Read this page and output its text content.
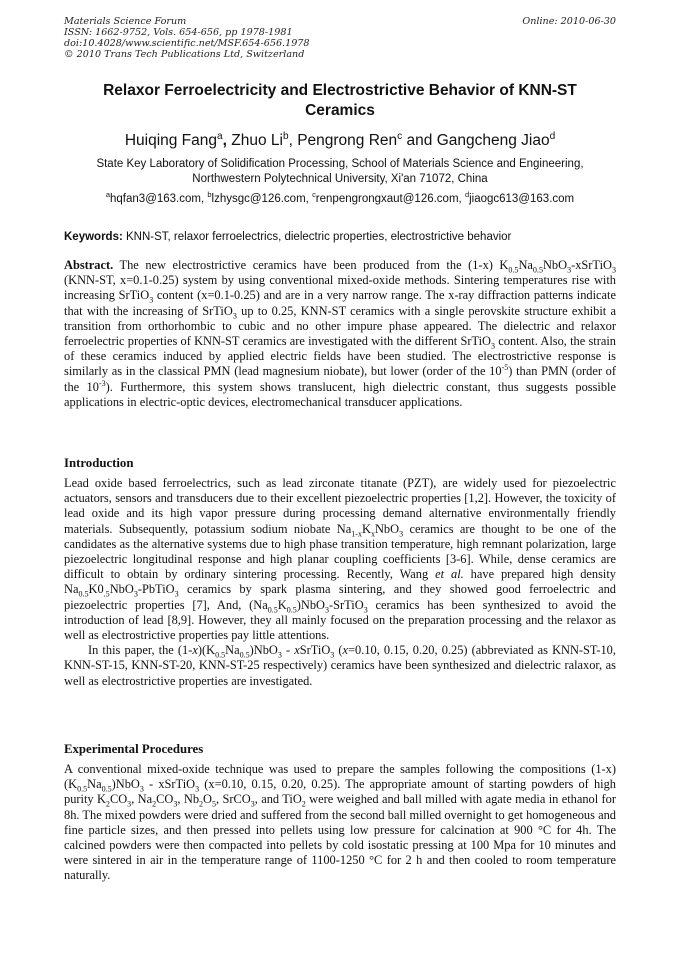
Materials Science Forum
ISSN: 1662-9752, Vols. 654-656, pp 1978-1981
doi:10.4028/www.scientific.net/MSF.654-656.1978
© 2010 Trans Tech Publications Ltd, Switzerland
Online: 2010-06-30
Relaxor Ferroelectricity and Electrostrictive Behavior of KNN-ST
Ceramics
Huiqing Fang$^a$, Zhuo Li$^b$, Pengrong Ren$^c$ and Gangcheng Jiao$^d$
State Key Laboratory of Solidification Processing, School of Materials Science and Engineering,
Northwestern Polytechnical University, Xi'an 71072, China
$^a$hqfan3@163.com, $^b$lzhysgc@126.com, $^c$renpengrongxaut@126.com, $^d$jiaogc613@163.com
Keywords: KNN-ST, relaxor ferroelectrics, dielectric properties, electrostrictive behavior

Abstract. The new electrostrictive ceramics have been produced from the (1-x) $K_{0.5}Na_{0.5}NbO_3-xSrTiO_3$ (KNN-ST, x=0.1-0.25) system by using conventional mixed-oxide methods. Sintering temperatures rise with increasing SrTiO$_3$ content (x=0.1-0.25) and are in a very narrow range. The x-ray diffraction patterns indicate that with the increasing of SrTiO$_3$ up to 0.25, KNN-ST ceramics with a single perovskite structure exhibit a transition from orthorhombic to cubic and no other impure phase appeared. The dielectric and relaxor ferroelectric properties of KNN-ST ceramics are investigated with the different SrTiO$_3$ content. Also, the strain of these ceramics induced by applied electric fields have been studied. The electrostrictive response is similarly as in the classical PMN (lead magnesium niobate), but lower (order of the $10^{-5}$) than PMN (order of the $10^{-3}$). Furthermore, this system shows translucent, high dielectric constant, thus suggests possible applications in electric-optic devices, electromechanical transducer applications.

Introduction

Lead oxide based ferroelectrics, such as lead zirconate titanate (PZT), are widely used for piezoelectric actuators, sensors and transducers due to their excellent piezoelectric properties [1,2]. However, the toxicity of lead oxide and its high vapor pressure during processing demand alternative environmentally friendly materials. Subsequently, potassium sodium niobate $Na_{1-x}K_xNbO_3$ ceramics are thought to be one of the candidates as the alternative systems due to high phase transition temperature, high remnant polarization, large piezoelectric longitudinal response and high planar coupling coefficients [3-6]. While, dense ceramics are difficult to obtain by ordinary sintering processing. Recently, Wang et al. have prepared high density $Na_{0.5}K0_{.5}NbO_3-PbTiO_3$ ceramics by spark plasma sintering, and they showed good ferroelectric and piezoelectric properties [7], And, $(Na_{0.5}K_{0.5})NbO_3-SrTiO_3$ ceramics has been synthesized to avoid the introduction of lead [8,9]. However, they all mainly focused on the preparation processing and the relaxor as well as electrostrictive properties pay little attentions.

In this paper, the $(1-x)(K_{0.5}Na_{0.5})NbO_3$ - xSrTiO$_3$ (x=0.10, 0.15, 0.20, 0.25) (abbreviated as KNN-ST-10, KNN-ST-15, KNN-ST-20, KNN-ST-25 respectively) ceramics have been synthesized and dielectric ralaxor, as well as electrostrictive properties are investigated.

Experimental Procedures

A conventional mixed-oxide technique was used to prepare the samples following the compositions $(1-x)(K_{0.5}Na_{0.5})NbO_3$ - xSrTiO$_3$ (x=0.10, 0.15, 0.20, 0.25). The appropriate amount of starting powders of high purity $K_2CO_3$, $Na_2CO_3$, $Nb_2O_5$, SrCO$_3$, and TiO$_2$ were weighed and ball milled with agate media in ethanol for 8h. The mixed powders were dried and suffered from the second ball milled overnight to get homogeneous and fine particle sizes, and then pressed into pellets using low pressure for calcination at 900 °C for 4h. The calcined powders were then compacted into pellets by cold isostatic pressing at 100 Mpa for 10 minutes and were sintered in air in the temperature range of 1100-1250 °C for 2 h and then cooled to room temperature naturally.
